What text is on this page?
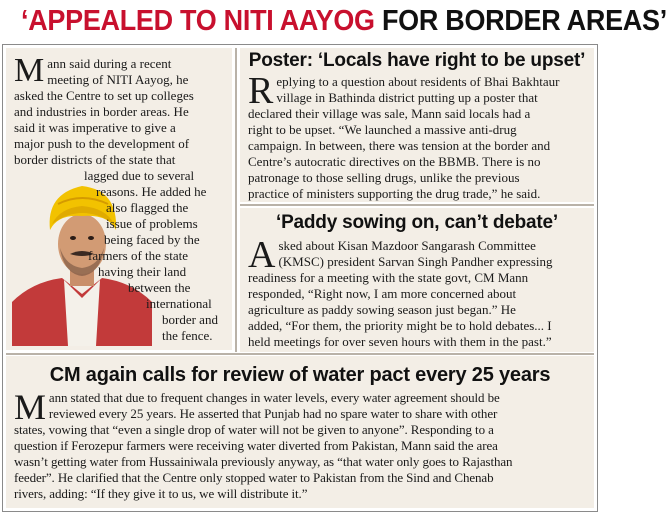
‘APPEALED TO NITI AAYOG FOR BORDER AREAS’
M ann said during a recent
meeting of NITI Aayog, he
asked the Centre to set up colleges
and industries in border areas. He
said it was imperative to give a
major push to the development of
border districts of the state that
lagged due to several
reasons. He added he
also flagged the
issue of problems
being faced by the
farmers of the state
having their land
between the
international
border and
the fence.
Poster: ‘Locals have right to be upset’
R eplying to a question about residents of Bhai Bakhtaur
village in Bathinda district putting up a poster that
declared their village was sale, Mann said locals had a
right to be upset. “We launched a massive anti-drug
campaign. In between, there was tension at the border and
Centre’s autocratic directives on the BBMB. There is no
patronage to those selling drugs, unlike the previous
practice of ministers supporting the drug trade,” he said.
‘Paddy sowing on, can’t debate’
A sked about Kisan Mazdoor Sangarash Committee
(KMSC) president Sarvan Singh Pandher expressing
readiness for a meeting with the state govt, CM Mann
responded, “Right now, I am more concerned about
agriculture as paddy sowing season just began.” He
added, “For them, the priority might be to hold debates... I
held meetings for over seven hours with them in the past.”
CM again calls for review of water pact every 25 years
M ann stated that due to frequent changes in water levels, every water agreement should be
reviewed every 25 years. He asserted that Punjab had no spare water to share with other
states, vowing that “even a single drop of water will not be given to anyone”. Responding to a
question if Ferozepur farmers were receiving water diverted from Pakistan, Mann said the area
wasn’t getting water from Hussainiwala previously anyway, as “that water only goes to Rajasthan
feeder”. He clarified that the Centre only stopped water to Pakistan from the Sind and Chenab
rivers, adding: “If they give it to us, we will distribute it.”
